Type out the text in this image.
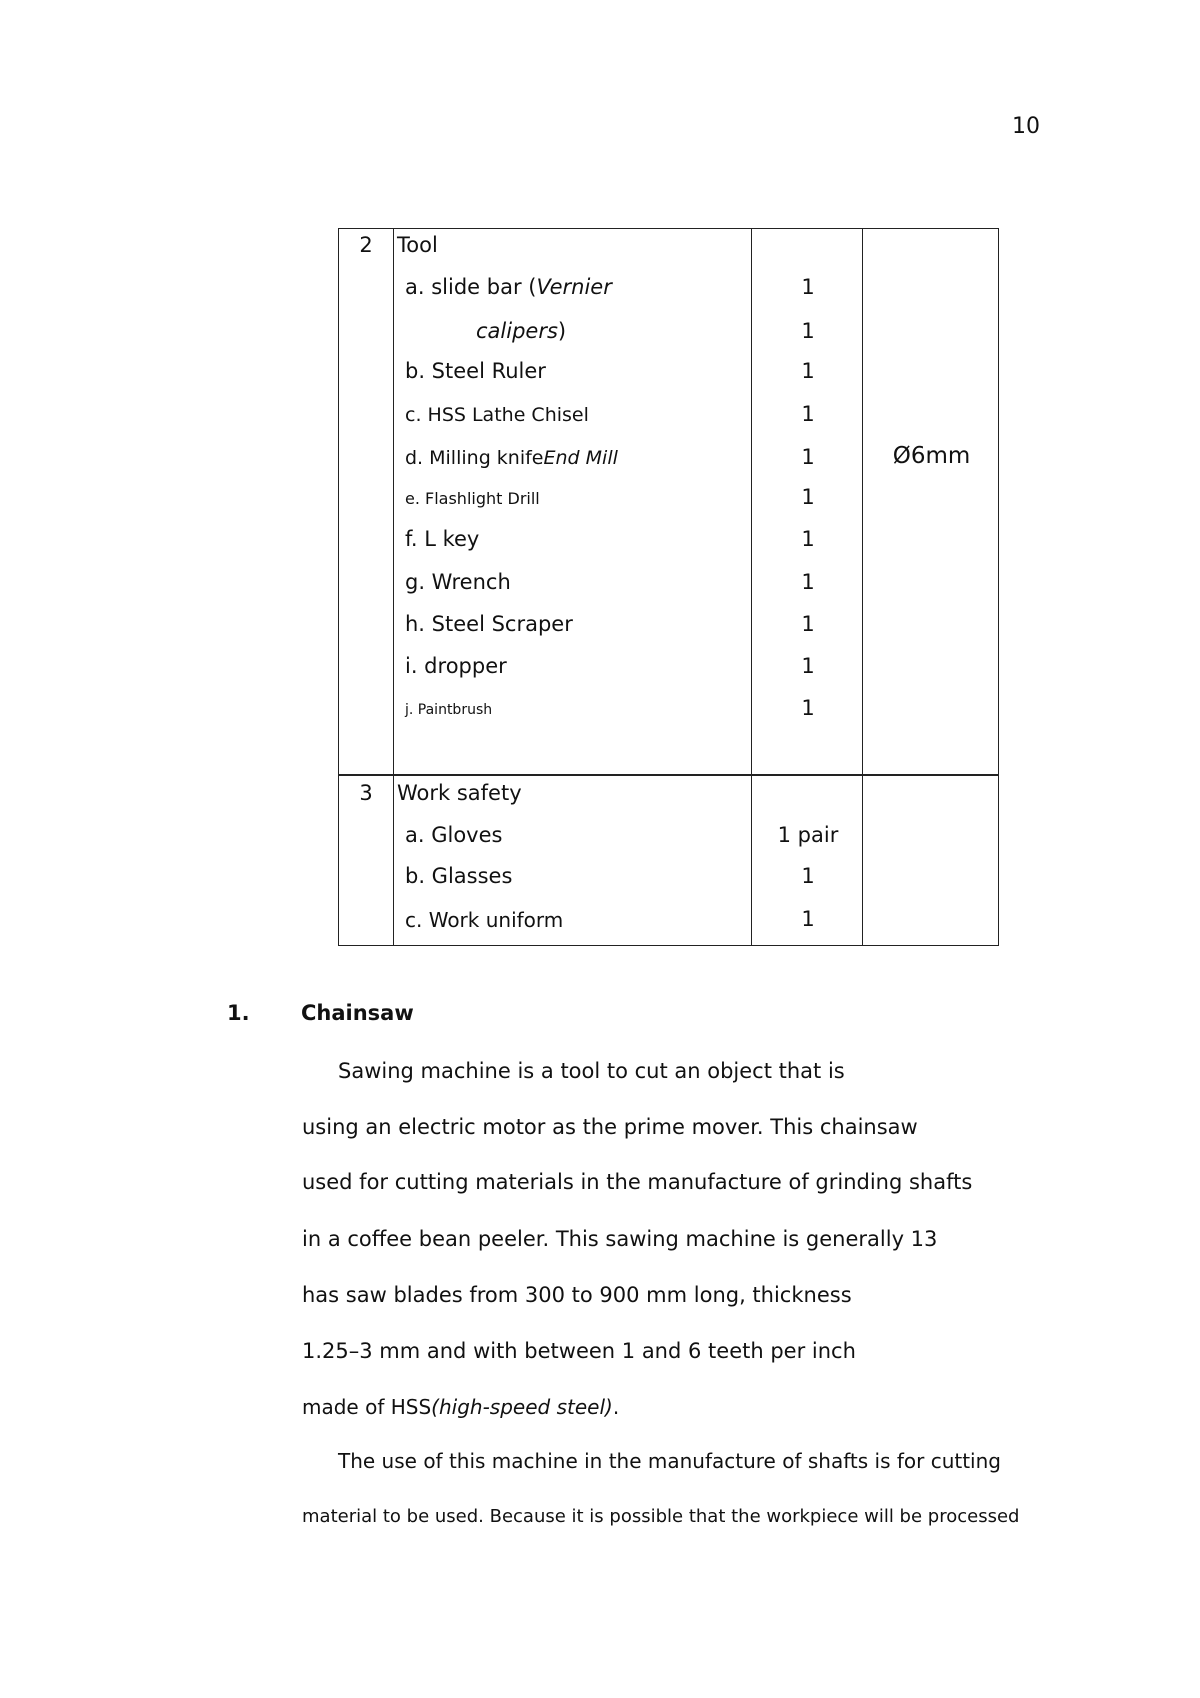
10
2	Tool
a. slide bar (Vernier
calipers)
b. Steel Ruler
c. HSS Lathe Chisel
d. Milling knifeEnd Mill
e. Flashlight Drill
f. L key
g. Wrench
h. Steel Scraper
i. dropper
j. Paintbrush
1
1
1
1
1
1
1
1
1
1
1
Ø6mm
3	Work safety
a. Gloves
b. Glasses
c. Work uniform
1 pair
1
1
1. Chainsaw
Sawing machine is a tool to cut an object that is
using an electric motor as the prime mover. This chainsaw
used for cutting materials in the manufacture of grinding shafts
in a coffee bean peeler. This sawing machine is generally 13
has saw blades from 300 to 900 mm long, thickness
1.25–3 mm and with between 1 and 6 teeth per inch
made of HSS(high-speed steel).
The use of this machine in the manufacture of shafts is for cutting
material to be used. Because it is possible that the workpiece will be processed
